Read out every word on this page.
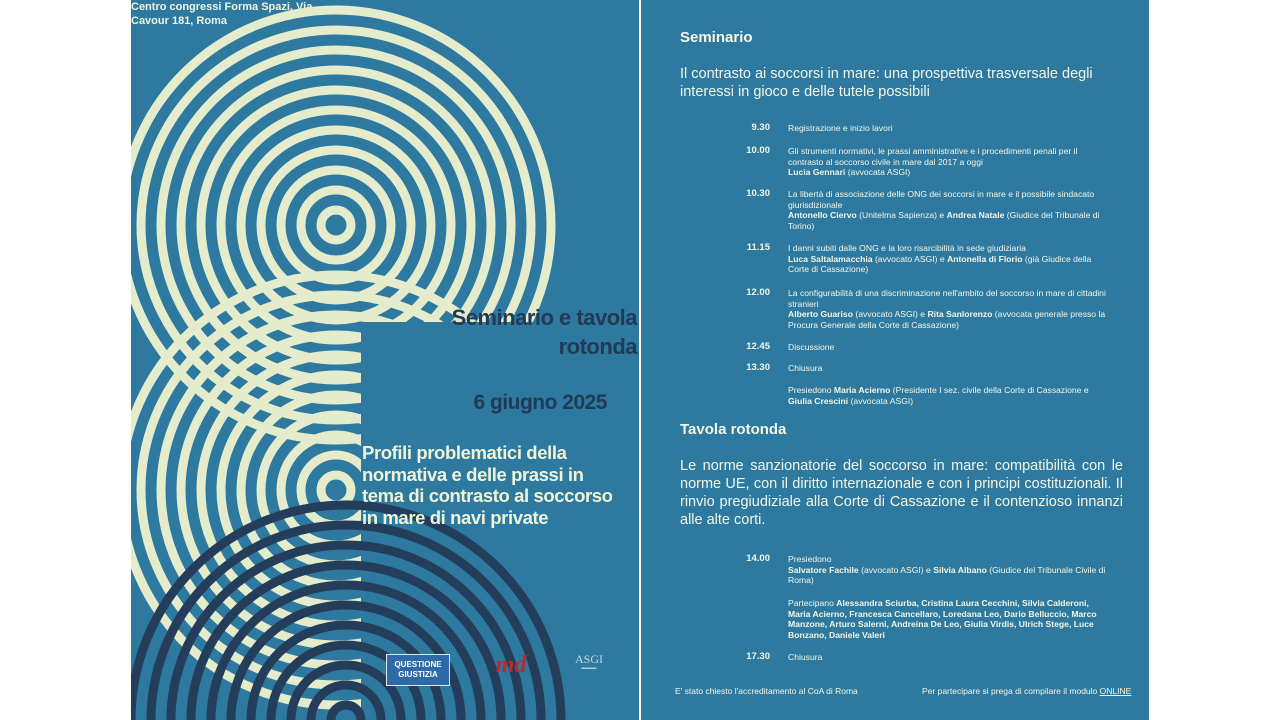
Seminario e tavola rotonda
6 giugno 2025
Profili problematici della normativa e delle prassi in tema di contrasto al soccorso in mare di navi private
Centro congressi Forma Spazi, Via Cavour 181, Roma
QUESTIONE GIUSTIZIA	md	ASGI
▬▬▬
Seminario
Il contrasto ai soccorsi in mare: una prospettiva trasversale degli interessi in gioco e delle tutele possibili
9.30 Registrazione e inizio lavori
10.00 Gli strumenti normativi, le prassi amministrative e i procedimenti penali per il contrasto al soccorso civile in mare dal 2017 a oggi
Lucia Gennari (avvocata ASGI)
10.30 La libertà di associazione delle ONG dei soccorsi in mare e il possibile sindacato giurisdizionale
Antonello Ciervo (Unitelma Sapienza) e Andrea Natale (Giudice del Tribunale di Torino)
11.15 I danni subiti dalle ONG e la loro risarcibilità in sede giudiziaria
Luca Saltalamacchia (avvocato ASGI) e Antonella di Florio (già Giudice della Corte di Cassazione)
12.00 La configurabilità di una discriminazione nell'ambito del soccorso in mare di cittadini stranieri
Alberto Guariso (avvocato ASGI) e Rita Sanlorenzo (avvocata generale presso la Procura Generale della Corte di Cassazione)
12.45 Discussione
13.30 Chiusura
Presiedono Maria Acierno (Presidente I sez. civile della Corte di Cassazione e Giulia Crescini (avvocata ASGI)
Tavola rotonda
Le norme sanzionatorie del soccorso in mare: compatibilità con le norme UE, con il diritto internazionale e con i principi costituzionali. Il rinvio pregiudiziale alla Corte di Cassazione e il contenzioso innanzi alle alte corti.
14.00 Presiedono
Salvatore Fachile (avvocato ASGI) e Silvia Albano (Giudice del Tribunale Civile di Roma)
Partecipano Alessandra Sciurba, Cristina Laura Cecchini, Silvia Calderoni, Maria Acierno, Francesca Cancellaro, Loredana Leo, Dario Belluccio, Marco Manzone, Arturo Salerni, Andreina De Leo, Giulia Virdis, Ulrich Stege, Luce Bonzano, Daniele Valeri
17.30 Chiusura
E' stato chiesto l'accreditamento al CoA di Roma	Per partecipare si prega di compilare il modulo ONLINE
